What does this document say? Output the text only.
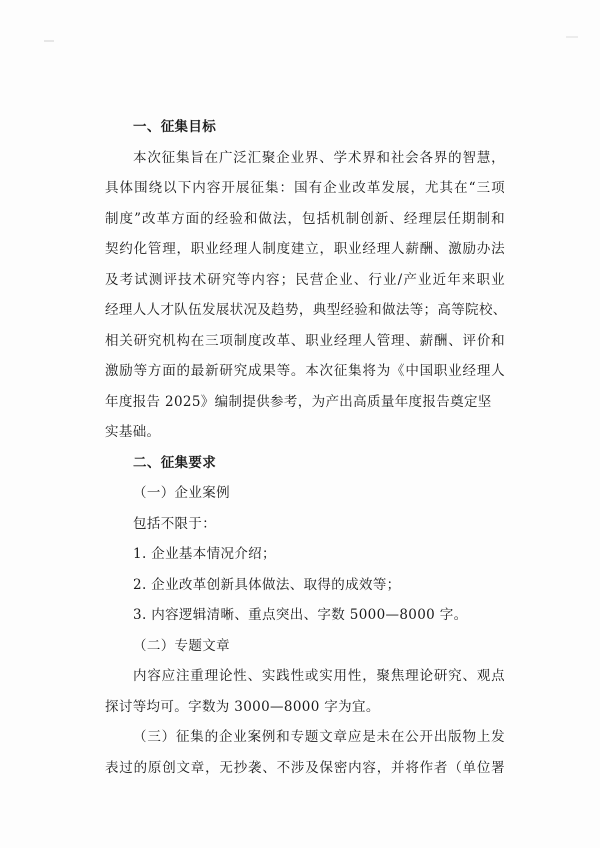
一、征集目标
本次征集旨在广泛汇聚企业界、学术界和社会各界的智慧，
具体围绕以下内容开展征集：国有企业改革发展，尤其在“三项
制度”改革方面的经验和做法，包括机制创新、经理层任期制和
契约化管理，职业经理人制度建立，职业经理人薪酬、激励办法
及考试测评技术研究等内容；民营企业、行业/产业近年来职业
经理人人才队伍发展状况及趋势，典型经验和做法等；高等院校、
相关研究机构在三项制度改革、职业经理人管理、薪酬、评价和
激励等方面的最新研究成果等。本次征集将为《中国职业经理人
年度报告 2025》编制提供参考，为产出高质量年度报告奠定坚
实基础。
二、征集要求
（一）企业案例
包括不限于：
1. 企业基本情况介绍；
2. 企业改革创新具体做法、取得的成效等；
3. 内容逻辑清晰、重点突出、字数 5000—8000 字。
（二）专题文章
内容应注重理论性、实践性或实用性，聚焦理论研究、观点
探讨等均可。字数为 3000—8000 字为宜。
（三）征集的企业案例和专题文章应是未在公开出版物上发
表过的原创文章，无抄袭、不涉及保密内容，并将作者（单位署
